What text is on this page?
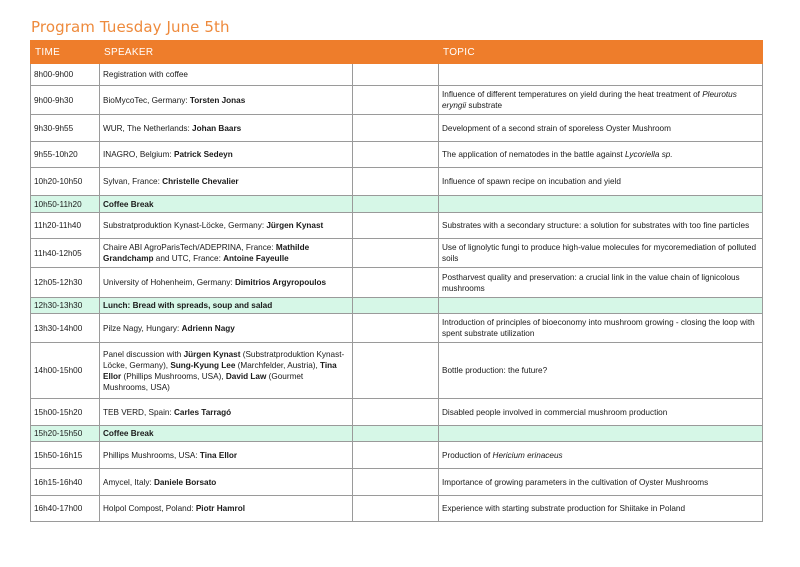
Program Tuesday June 5th
TIME	SPEAKER		TOPIC
8h00-9h00	Registration with coffee		
9h00-9h30	BioMycoTec, Germany: Torsten Jonas		Influence of different temperatures on yield during the heat treatment of Pleurotus eryngii substrate
9h30-9h55	WUR, The Netherlands: Johan Baars		Development of a second strain of sporeless Oyster Mushroom
9h55-10h20	INAGRO, Belgium: Patrick Sedeyn		The application of nematodes in the battle against Lycoriella sp.
10h20-10h50	Sylvan, France: Christelle Chevalier		Influence of spawn recipe on incubation and yield
10h50-11h20	Coffee Break		
11h20-11h40	Substratproduktion Kynast-Löcke, Germany: Jürgen Kynast		Substrates with a secondary structure: a solution for substrates with too fine particles
11h40-12h05	Chaire ABI AgroParisTech/ADEPRINA, France: Mathilde Grandchamp and UTC, France: Antoine Fayeulle		Use of lignolytic fungi to produce high-value molecules for mycoremediation of polluted soils
12h05-12h30	University of Hohenheim, Germany: Dimitrios Argyropoulos		Postharvest quality and preservation: a crucial link in the value chain of lignicolous mushrooms
12h30-13h30	Lunch: Bread with spreads, soup and salad		
13h30-14h00	Pilze Nagy, Hungary: Adrienn Nagy		Introduction of principles of bioeconomy into mushroom growing - closing the loop with spent substrate utilization
14h00-15h00	Panel discussion with Jürgen Kynast (Substratproduktion Kynast-Löcke, Germany), Sung-Kyung Lee (Marchfelder, Austria), Tina Ellor (Phillips Mushrooms, USA), David Law (Gourmet Mushrooms, USA)		Bottle production: the future?
15h00-15h20	TEB VERD, Spain: Carles Tarragó		Disabled people involved in commercial mushroom production
15h20-15h50	Coffee Break		
15h50-16h15	Phillips Mushrooms, USA: Tina Ellor		Production of Hericium erinaceus
16h15-16h40	Amycel, Italy: Daniele Borsato		Importance of growing parameters in the cultivation of Oyster Mushrooms
16h40-17h00	Holpol Compost, Poland: Piotr Hamrol		Experience with starting substrate production for Shiitake in Poland
